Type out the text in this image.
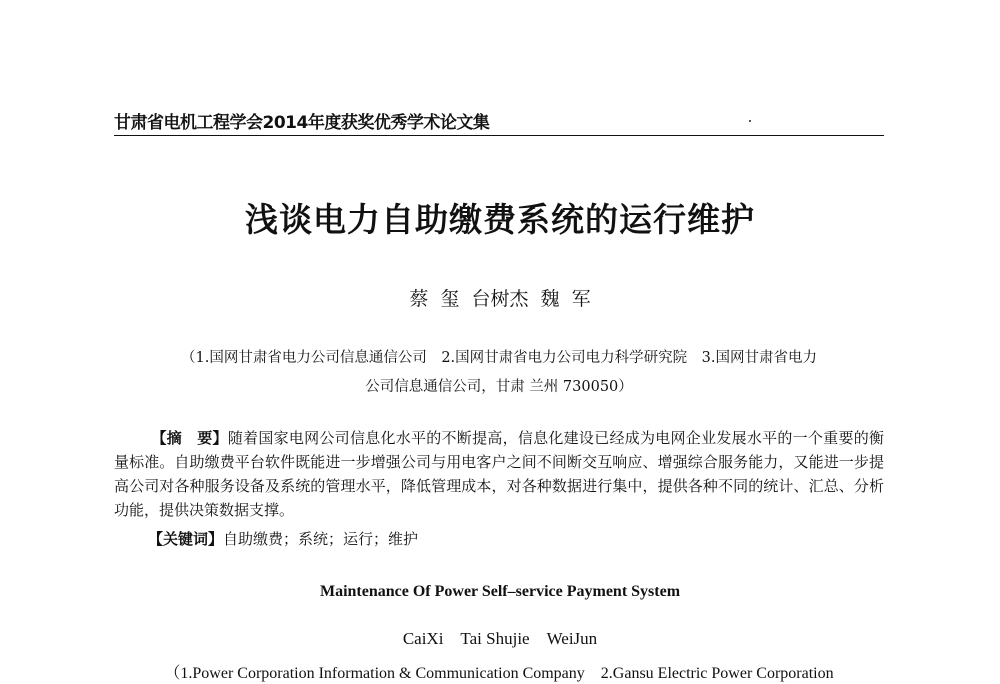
甘肃省电机工程学会2014年度获奖优秀学术论文集
浅谈电力自助缴费系统的运行维护
蔡 玺 台树杰 魏 军
（1.国网甘肃省电力公司信息通信公司　2.国网甘肃省电力公司电力科学研究院　3.国网甘肃省电力
公司信息通信公司，甘肃 兰州 730050）
【摘　要】随着国家电网公司信息化水平的不断提高，信息化建设已经成为电网企业发展水平的一个重要的衡量标准。自助缴费平台软件既能进一步增强公司与用电客户之间不间断交互响应、增强综合服务能力，又能进一步提高公司对各种服务设备及系统的管理水平，降低管理成本，对各种数据进行集中，提供各种不同的统计、汇总、分析功能，提供决策数据支撑。
【关键词】自助缴费；系统；运行；维护
Maintenance Of Power Self–service Payment System
CaiXi　Tai Shujie　WeiJun
（1.Power Corporation Information & Communication Company　2.Gansu Electric Power Corporation
